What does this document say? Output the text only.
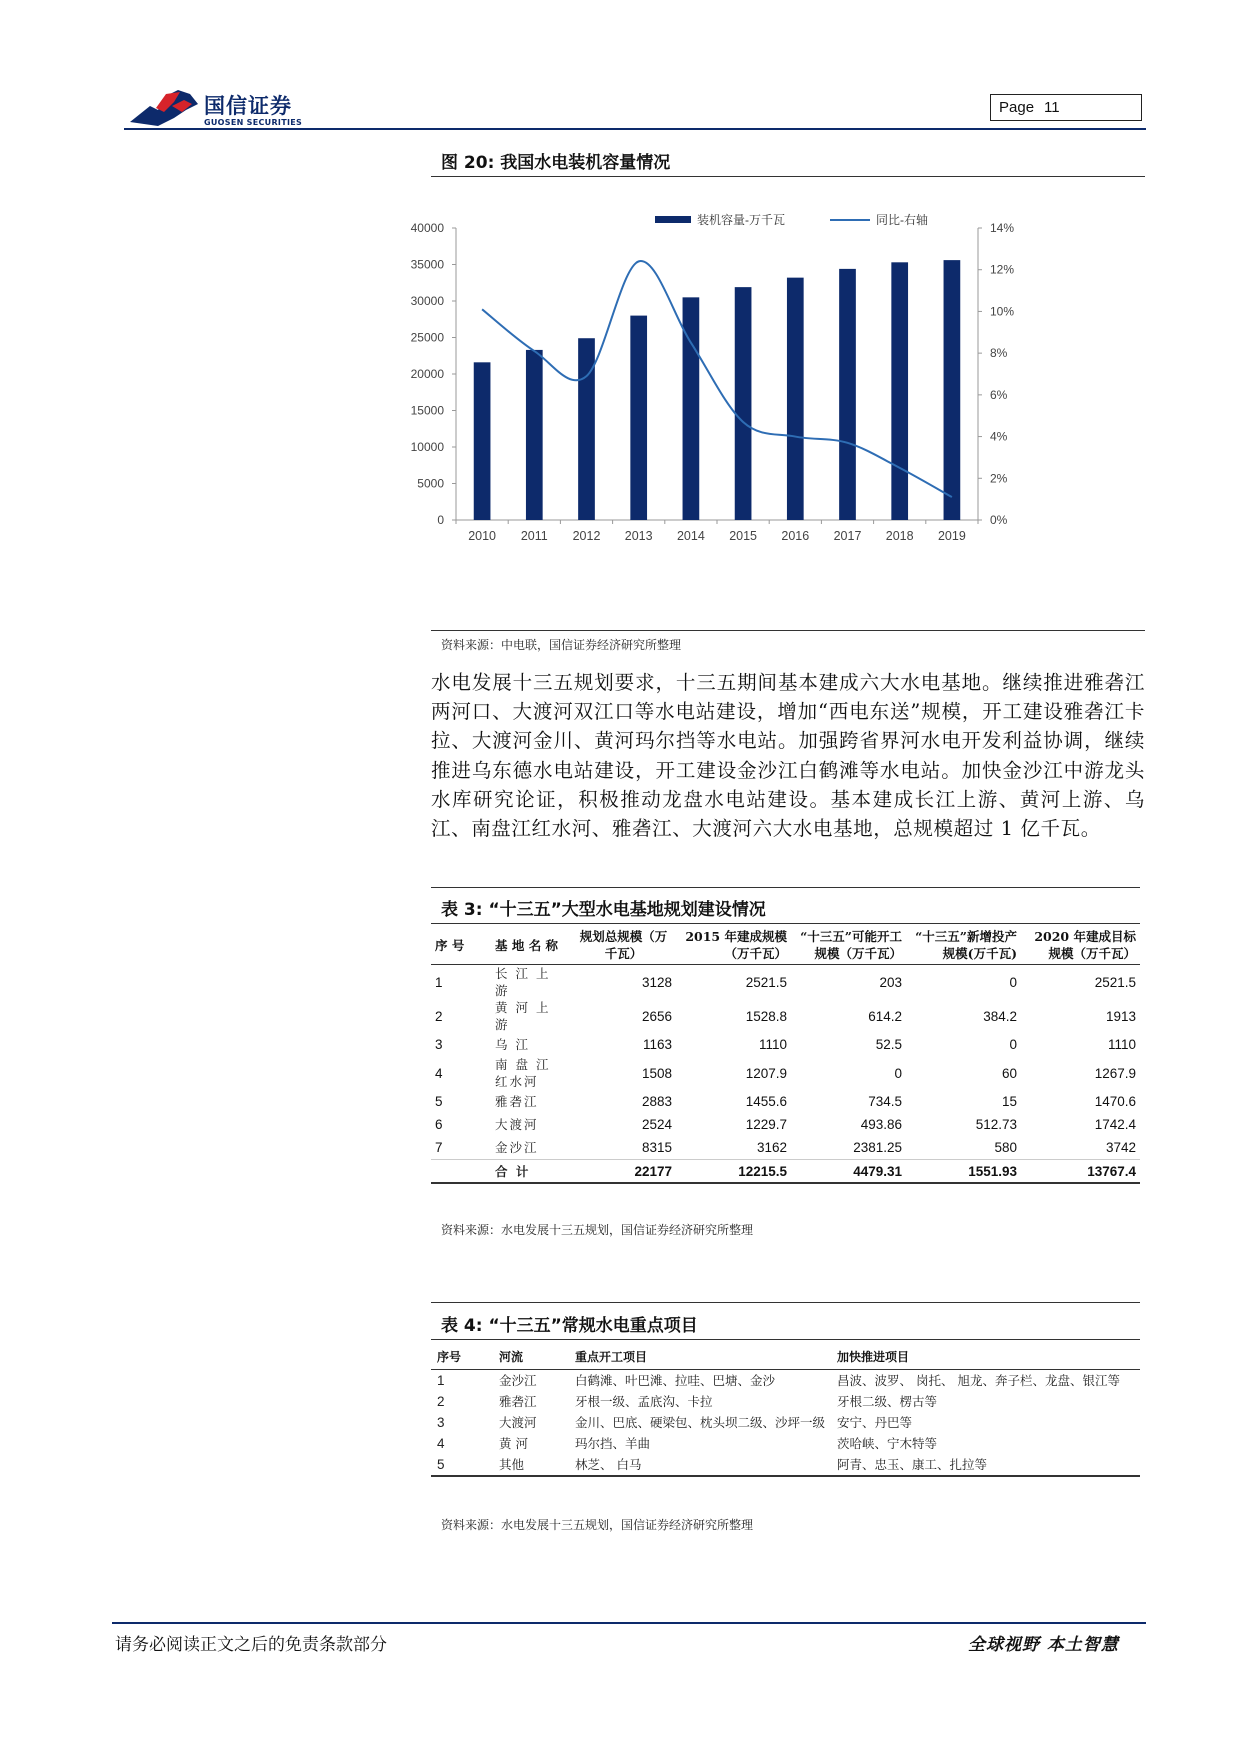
国信证券
GUOSEN SECURITIES
Page 11
图 20: 我国水电装机容量情况
装机容量-万千瓦	同比-右轴
0
5000
10000
15000
20000
25000
30000
35000
40000
0%
2%
4%
6%
8%
10%
12%
14%
2010 2011 2012 2013 2014 2015 2016 2017 2018 2019
资料来源：中电联，国信证券经济研究所整理
水电发展十三五规划要求，十三五期间基本建成六大水电基地。继续推进雅砻江两河口、大渡河双江口等水电站建设，增加“西电东送”规模，开工建设雅砻江卡拉、大渡河金川、黄河玛尔挡等水电站。加强跨省界河水电开发利益协调，继续推进乌东德水电站建设，开工建设金沙江白鹤滩等水电站。加快金沙江中游龙头水库研究论证，积极推动龙盘水电站建设。基本建成长江上游、黄河上游、乌江、南盘江红水河、雅砻江、大渡河六大水电基地，总规模超过 1 亿千瓦。
表 3: “十三五”大型水电基地规划建设情况
序 号	基 地 名 称	规划总规模（万千瓦）	2015 年建成规模（万千瓦）	“十三五”可能开工规模（万千瓦）	“十三五”新增投产规模(万千瓦)	2020 年建成目标规模（万千瓦）
1	长 江 上 游	3128	2521.5	203	0	2521.5
2	黄 河 上 游	2656	1528.8	614.2	384.2	1913
3	乌 江	1163	1110	52.5	0	1110
4	南 盘 江 红水河	1508	1207.9	0	60	1267.9
5	雅砻江	2883	1455.6	734.5	15	1470.6
6	大渡河	2524	1229.7	493.86	512.73	1742.4
7	金沙江	8315	3162	2381.25	580	3742
	合 计	22177	12215.5	4479.31	1551.93	13767.4
资料来源：水电发展十三五规划，国信证券经济研究所整理
表 4: “十三五”常规水电重点项目
序号	河流	重点开工项目	加快推进项目
1	金沙江	白鹤滩、叶巴滩、拉哇、巴塘、金沙	昌波、波罗、 岗托、 旭龙、奔子栏、龙盘、银江等
2	雅砻江	牙根一级、孟底沟、卡拉	牙根二级、楞古等
3	大渡河	金川、巴底、硬梁包、枕头坝二级、沙坪一级	安宁、丹巴等
4	黄 河	玛尔挡、羊曲	茨哈峡、宁木特等
5	其他	林芝、 白马	阿青、忠玉、康工、扎拉等
资料来源：水电发展十三五规划，国信证券经济研究所整理
请务必阅读正文之后的免责条款部分	全球视野 本土智慧
